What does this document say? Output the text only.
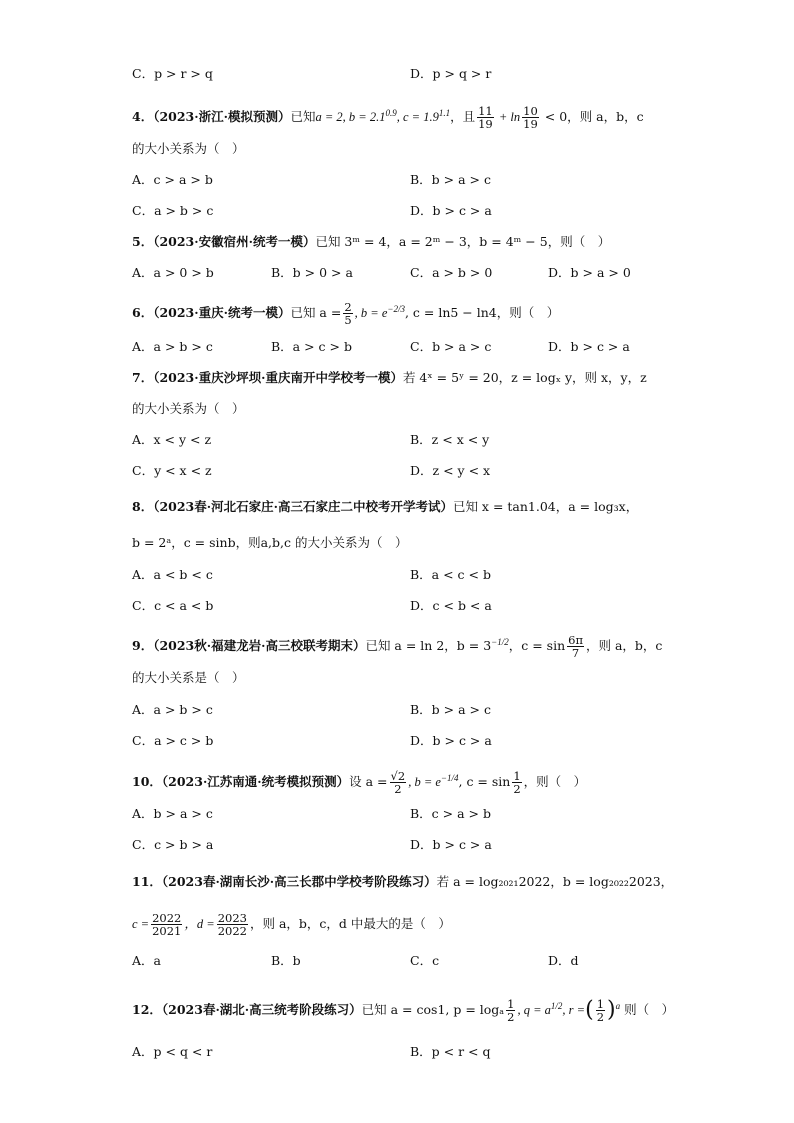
C．p > r > q	D．p > q > r
4．（2023·浙江·模拟预测）已知a = 2, $b = 2.1^{0.9}$, $c = 1.9^{1.1}$，且 $\frac{11}{19} + \ln \frac{10}{19} < 0$，则 a，b，c
的大小关系为（　）
A．c > a > b	B．b > a > c
C．a > b > c	D．b > c > a
5．（2023·安徽宿州·统考一模）已知 3ᵐ = 4，a = 2ᵐ − 3，b = 4ᵐ − 5，则（　）
A．a > 0 > b	B．b > 0 > a	C．a > b > 0	D．b > a > 0
6．（2023·重庆·统考一模）已知 $a = \frac{2}{5}$ , $b = e^{-2/3}$, c = ln5 − ln4，则（　）
A．a > b > c	B．a > c > b	C．b > a > c	D．b > c > a
7．（2023·重庆沙坪坝·重庆南开中学校考一模）若 4ˣ = 5ʸ = 20，z = logₓ y，则 x，y，z
的大小关系为（　）
A．x < y < z	B．z < x < y
C．y < x < z	D．z < y < x
8．（2023春·河北石家庄·高三石家庄二中校考开学考试）已知 x = tan1.04，a = log₃x，
b = 2ᵃ，c = sinb，则a,b,c 的大小关系为（　）
A．a < b < c	B．a < c < b
C．c < a < b	D．c < b < a
9．（2023秋·福建龙岩·高三校联考期末）已知 a = ln 2，$b = 3^{-1/2}$，$c = \sin \frac{6\pi}{7}$ ，则 a，b，c
的大小关系是（　）
A．a > b > c	B．b > a > c
C．a > c > b	D．b > c > a
10．（2023·江苏南通·统考模拟预测）设 $a = \frac{√2}{2}$ , $b = e^{-1/4}$, $c = \sin \frac{1}{2}$ ，则（　）
A．b > a > c	B．c > a > b
C．c > b > a	D．b > c > a
11．（2023春·湖南长沙·高三长郡中学校考阶段练习）若 a = log₂₀₂₁2022，b = log₂₀₂₂2023，
$c = \frac{2022}{2021}$ ，$d = \frac{2023}{2022}$ ，则 a，b，c，d 中最大的是（　）
A．a	B．b	C．c	D．d
12．（2023春·湖北·高三统考阶段练习）已知 a = cos1, p = logₐ $\frac{1}{2}$ , $q = a^{1/2}$, r =( $\frac{1}{2} )^a$ 则（　）
A．p < q < r	B．p < r < q
